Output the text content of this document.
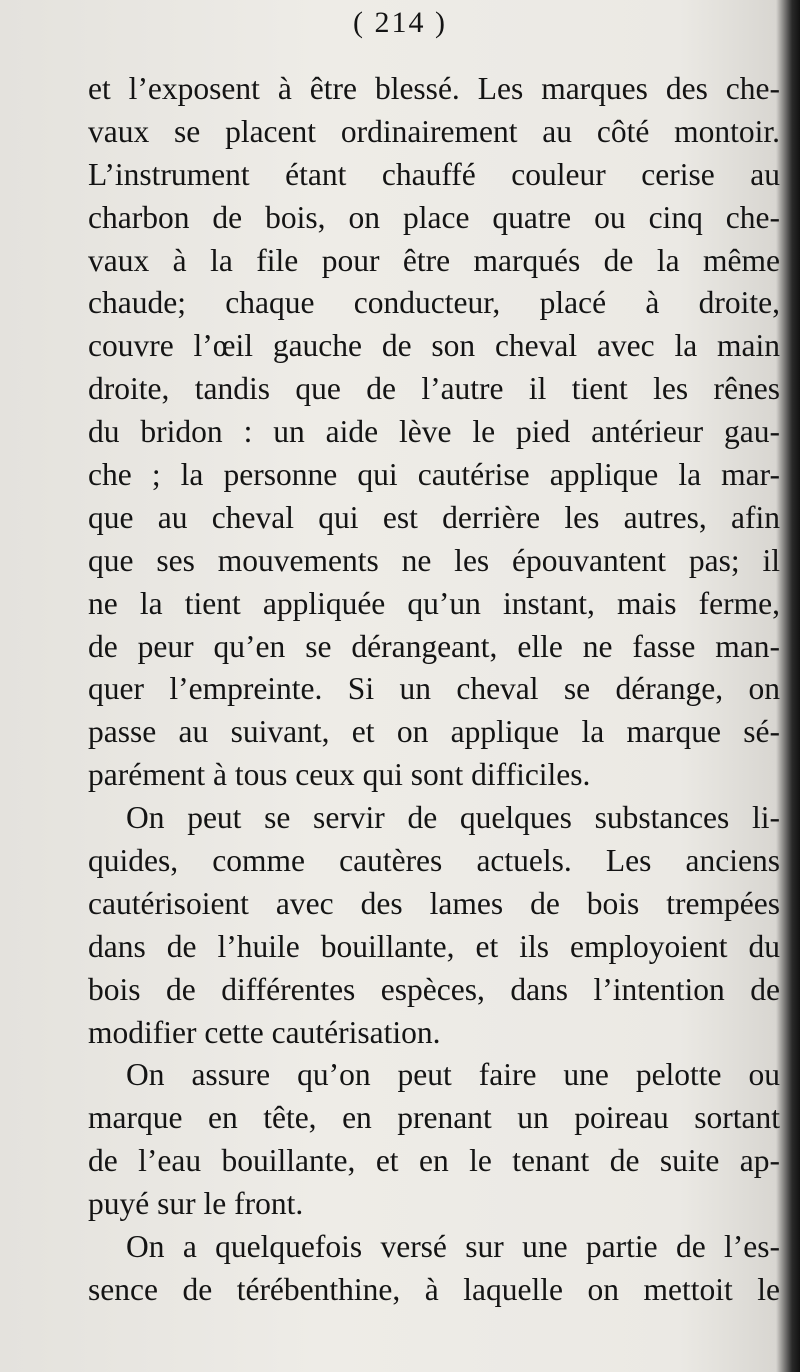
( 214 )
et l’exposent à être blessé. Les marques des che-
vaux se placent ordinairement au côté montoir.
L’instrument étant chauffé couleur cerise au
charbon de bois, on place quatre ou cinq che-
vaux à la file pour être marqués de la même
chaude; chaque conducteur, placé à droite,
couvre l’œil gauche de son cheval avec la main
droite, tandis que de l’autre il tient les rênes
du bridon : un aide lève le pied antérieur gau-
che ; la personne qui cautérise applique la mar-
que au cheval qui est derrière les autres, afin
que ses mouvements ne les épouvantent pas; il
ne la tient appliquée qu’un instant, mais ferme,
de peur qu’en se dérangeant, elle ne fasse man-
quer l’empreinte. Si un cheval se dérange, on
passe au suivant, et on applique la marque sé-
parément à tous ceux qui sont difficiles.
On peut se servir de quelques substances li-
quides, comme cautères actuels. Les anciens
cautérisoient avec des lames de bois trempées
dans de l’huile bouillante, et ils employoient du
bois de différentes espèces, dans l’intention de
modifier cette cautérisation.
On assure qu’on peut faire une pelotte ou
marque en tête, en prenant un poireau sortant
de l’eau bouillante, et en le tenant de suite ap-
puyé sur le front.
On a quelquefois versé sur une partie de l’es-
sence de térébenthine, à laquelle on mettoit le
